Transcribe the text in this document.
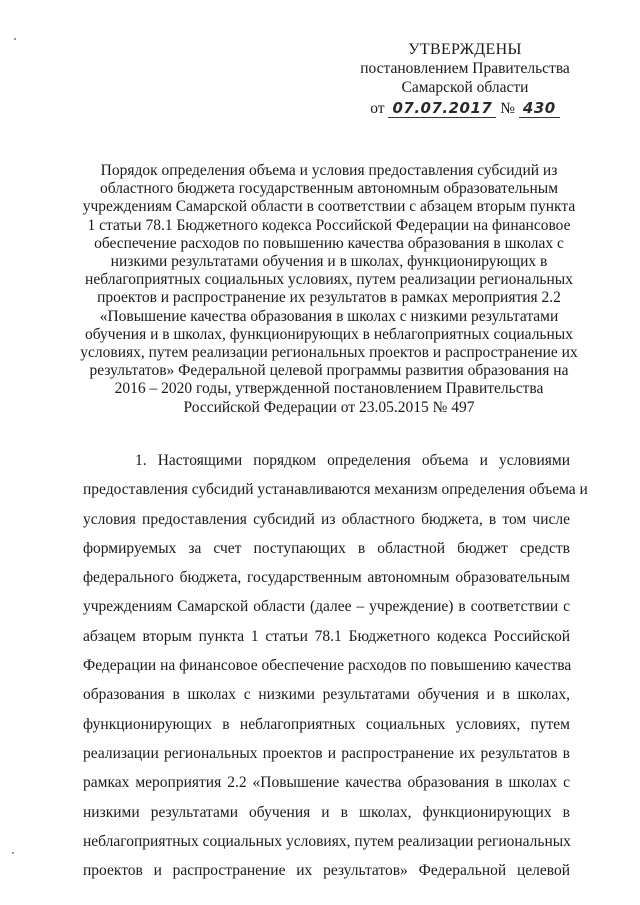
УТВЕРЖДЕНЫ
постановлением Правительства
Самарской области
от 07.07.2017 № 430
Порядок определения объема и условия предоставления субсидий из
областного бюджета государственным автономным образовательным
учреждениям Самарской области в соответствии с абзацем вторым пункта
1 статьи 78.1 Бюджетного кодекса Российской Федерации на финансовое
обеспечение расходов по повышению качества образования в школах с
низкими результатами обучения и в школах, функционирующих в
неблагоприятных социальных условиях, путем реализации региональных
проектов и распространение их результатов в рамках мероприятия 2.2
«Повышение качества образования в школах с низкими результатами
обучения и в школах, функционирующих в неблагоприятных социальных
условиях, путем реализации региональных проектов и распространение их
результатов» Федеральной целевой программы развития образования на
2016 – 2020 годы, утвержденной постановлением Правительства
Российской Федерации от 23.05.2015 № 497
1. Настоящими порядком определения объема и условиями
предоставления субсидий устанавливаются механизм определения объема и
условия предоставления субсидий из областного бюджета, в том числе
формируемых за счет поступающих в областной бюджет средств
федерального бюджета, государственным автономным образовательным
учреждениям Самарской области (далее – учреждение) в соответствии с
абзацем вторым пункта 1 статьи 78.1 Бюджетного кодекса Российской
Федерации на финансовое обеспечение расходов по повышению качества
образования в школах с низкими результатами обучения и в школах,
функционирующих в неблагоприятных социальных условиях, путем
реализации региональных проектов и распространение их результатов в
рамках мероприятия 2.2 «Повышение качества образования в школах с
низкими результатами обучения и в школах, функционирующих в
неблагоприятных социальных условиях, путем реализации региональных
проектов и распространение их результатов» Федеральной целевой
